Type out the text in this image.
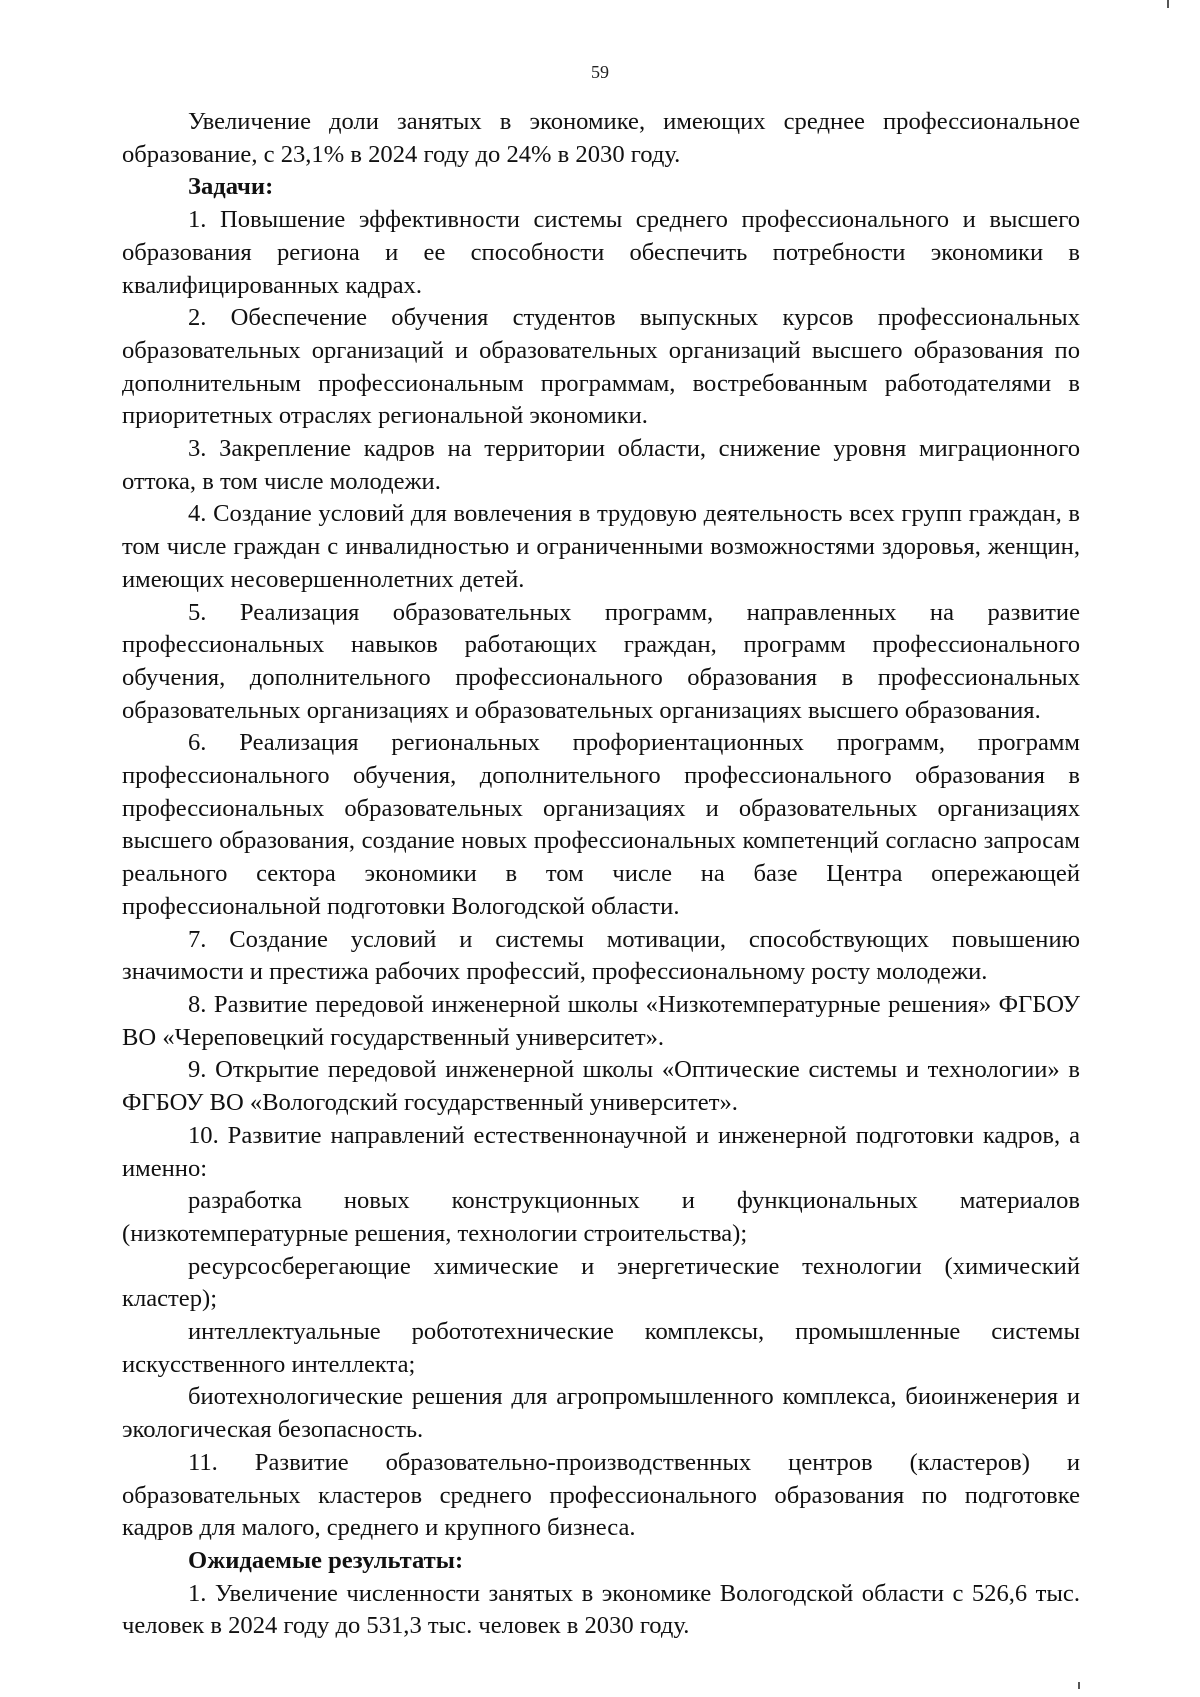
59

Увеличение доли занятых в экономике, имеющих среднее профессиональное образование, с 23,1% в 2024 году до 24% в 2030 году.

Задачи:

1. Повышение эффективности системы среднего профессионального и высшего образования региона и ее способности обеспечить потребности экономики в квалифицированных кадрах.

2. Обеспечение обучения студентов выпускных курсов профессиональных образовательных организаций и образовательных организаций высшего образования по дополнительным профессиональным программам, востребованным работодателями в приоритетных отраслях региональной экономики.

3. Закрепление кадров на территории области, снижение уровня миграционного оттока, в том числе молодежи.

4. Создание условий для вовлечения в трудовую деятельность всех групп граждан, в том числе граждан с инвалидностью и ограниченными возможностями здоровья, женщин, имеющих несовершеннолетних детей.

5. Реализация образовательных программ, направленных на развитие профессиональных навыков работающих граждан, программ профессионального обучения, дополнительного профессионального образования в профессиональных образовательных организациях и образовательных организациях высшего образования.

6. Реализация региональных профориентационных программ, программ профессионального обучения, дополнительного профессионального образования в профессиональных образовательных организациях и образовательных организациях высшего образования, создание новых профессиональных компетенций согласно запросам реального сектора экономики в том числе на базе Центра опережающей профессиональной подготовки Вологодской области.

7. Создание условий и системы мотивации, способствующих повышению значимости и престижа рабочих профессий, профессиональному росту молодежи.

8. Развитие передовой инженерной школы «Низкотемпературные решения» ФГБОУ ВО «Череповецкий государственный университет».

9. Открытие передовой инженерной школы «Оптические системы и технологии» в ФГБОУ ВО «Вологодский государственный университет».

10. Развитие направлений естественнонаучной и инженерной подготовки кадров, а именно:

разработка новых конструкционных и функциональных материалов (низкотемпературные решения, технологии строительства);

ресурсосберегающие химические и энергетические технологии (химический кластер);

интеллектуальные робототехнические комплексы, промышленные системы искусственного интеллекта;

биотехнологические решения для агропромышленного комплекса, биоинженерия и экологическая безопасность.

11. Развитие образовательно-производственных центров (кластеров) и образовательных кластеров среднего профессионального образования по подготовке кадров для малого, среднего и крупного бизнеса.

Ожидаемые результаты:

1. Увеличение численности занятых в экономике Вологодской области с 526,6 тыс. человек в 2024 году до 531,3 тыс. человек в 2030 году.
